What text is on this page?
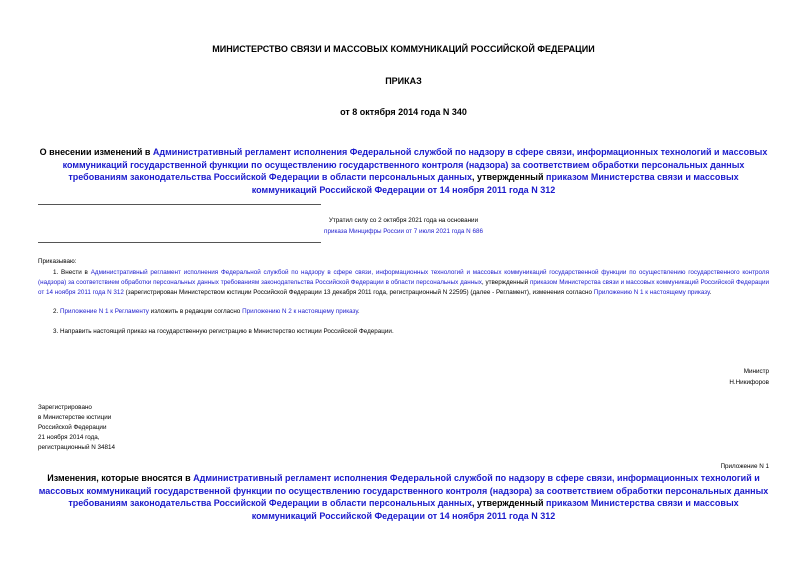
МИНИСТЕРСТВО СВЯЗИ И МАССОВЫХ КОММУНИКАЦИЙ РОССИЙСКОЙ ФЕДЕРАЦИИ
ПРИКАЗ
от 8 октября 2014 года N 340
О внесении изменений в Административный регламент исполнения Федеральной службой по надзору в сфере связи, информационных технологий и массовых коммуникаций государственной функции по осуществлению государственного контроля (надзора) за соответствием обработки персональных данных требованиям законодательства Российской Федерации в области персональных данных, утвержденный приказом Министерства связи и массовых коммуникаций Российской Федерации от 14 ноября 2011 года N 312
Утратил силу со 2 октября 2021 года на основании
приказа Минцифры России от 7 июля 2021 года N 686

Приказываю:

1. Внести в Административный регламент исполнения Федеральной службой по надзору в сфере связи, информационных технологий и массовых коммуникаций государственной функции по осуществлению государственного контроля (надзора) за соответствием обработки персональных данных требованиям законодательства Российской Федерации в области персональных данных, утвержденный приказом Министерства связи и массовых коммуникаций Российской Федерации от 14 ноября 2011 года N 312 (зарегистрирован Министерством юстиции Российской Федерации 13 декабря 2011 года, регистрационный N 22595) (далее - Регламент), изменения согласно Приложению N 1 к настоящему приказу.

2. Приложение N 1 к Регламенту изложить в редакции согласно Приложению N 2 к настоящему приказу.

3. Направить настоящий приказ на государственную регистрацию в Министерство юстиции Российской Федерации.

Министр
Н.Никифоров
Зарегистрировано
в Министерстве юстиции
Российской Федерации
21 ноября 2014 года,
регистрационный N 34814
Приложение N 1
Изменения, которые вносятся в Административный регламент исполнения Федеральной службой по надзору в сфере связи, информационных технологий и массовых коммуникаций государственной функции по осуществлению государственного контроля (надзора) за соответствием обработки персональных данных требованиям законодательства Российской Федерации в области персональных данных, утвержденный приказом Министерства связи и массовых коммуникаций Российской Федерации от 14 ноября 2011 года N 312
